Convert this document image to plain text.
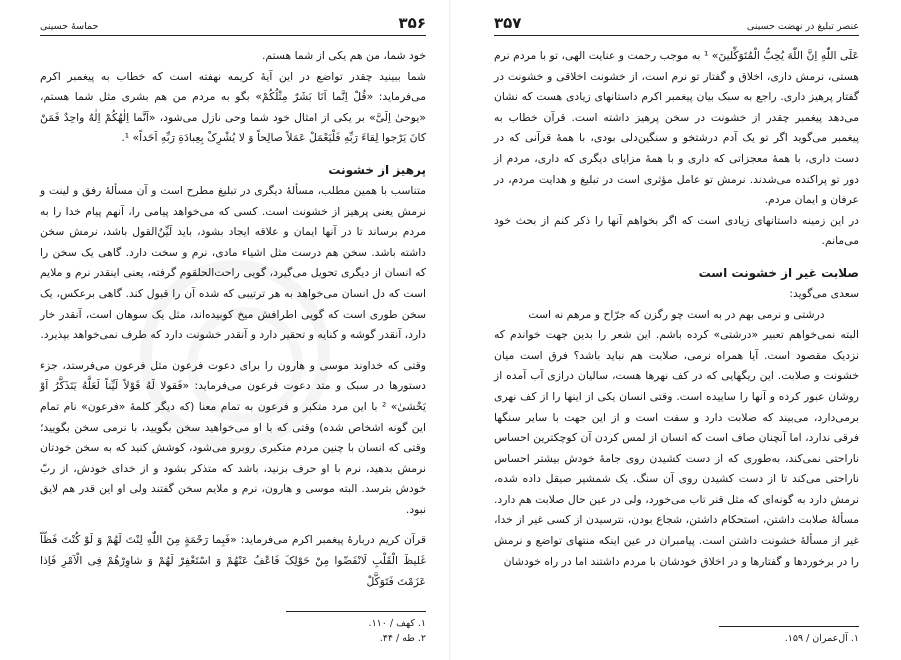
۳۵۶
حماسهٔ حسینی

خود شما، من هم یکی از شما هستم.

شما ببینید چقدر تواضع در این آیهٔ کریمه نهفته است که خطاب به پیغمبر اکرم می‌فرماید: «قُلْ اِنَّما اَنَا بَشَرٌ مِثْلُکُمْ» بگو به مردم من هم بشری مثل شما هستم، «یوحیٰ اِلَیَّ» بر یکی از امثال خود شما وحی نازل می‌شود، «اَنَّما اِلٰهُکُمْ اِلٰهٌ واحِدٌ فَمَنْ کانَ یَرْجوا لِقاءَ رَبِّهِ فَلْیَعْمَلْ عَمَلاً صالِحاً وَ لا یُشْرِکْ بِعِبادَةِ رَبِّهِ اَحَداً» ¹.

پرهیز از خشونت

متناسب با همین مطلب، مسألهٔ دیگری در تبلیغ مطرح است و آن مسألهٔ رفق و لینت و نرمش یعنی پرهیز از خشونت است. کسی که می‌خواهد پیامی را، آنهم پیام خدا را به مردم برساند تا در آنها ایمان و علاقه ایجاد بشود، باید لَیِّنُ‌القول باشد، نرمش سخن داشته باشد. سخن هم درست مثل اشیاء مادی، نرم و سخت دارد. گاهی یک سخن را که انسان از دیگری تحویل می‌گیرد، گویی راحت‌الحلقوم گرفته، یعنی اینقدر نرم و ملایم است که دل انسان می‌خواهد به هر ترتیبی که شده آن را قبول کند. گاهی برعکس، یک سخن طوری است که گویی اطرافش میخ کوبیده‌اند، مثل یک سوهان است، آنقدر خار دارد، آنقدر گوشه و کنایه و تحقیر دارد و آنقدر خشونت دارد که طرف نمی‌خواهد بپذیرد.

وقتی که خداوند موسی و هارون را برای دعوت فرعون مثل فرعون می‌فرستد، جزء دستورها در سبک و متد دعوت فرعون می‌فرماید: «فَقولا لَهُ قَوْلاً لَیِّناً لَعَلَّهُ یَتَذَکَّرُ اَوْ یَخْشیٰ» ² با این مرد متکبر و فرعون به تمام معنا (که دیگر کلمهٔ «فرعون» نام تمام این گونه اشخاص شده) وقتی که با او می‌خواهید سخن بگویید، با نرمی سخن بگویید؛ وقتی که انسان با چنین مردم متکبری روبرو می‌شود، کوشش کنید که به سخن خودتان نرمش بدهید، نرم با او حرف بزنید، باشد که متذکر بشود و از خدای خودش، از ربّ خودش بترسد. البته موسی و هارون، نرم و ملایم سخن گفتند ولی او این قدر هم لایق نبود.

قرآن کریم دربارهٔ پیغمبر اکرم می‌فرماید: «فَبِما رَحْمَةٍ مِنَ اللّٰهِ لِنْتَ لَهُمْ وَ لَوْ کُنْتَ فَظّاً غَلیظَ الْقَلْبِ لَانْفَضّوا مِنْ حَوْلِکَ فَاعْفُ عَنْهُمْ وَ اسْتَغْفِرْ لَهُمْ وَ شاوِرْهُمْ فِی الْاَمْرِ فَاِذا عَزَمْتَ فَتَوَکَّلْ

۱. کهف / ۱۱۰.
۲. طه / ۴۴.
عنصر تبلیغ در نهضت حسینی
۳۵۷

عَلَی اللّٰهِ اِنَّ اللّٰهَ یُحِبُّ الْمُتَوَکِّلینَ» ¹ به موجب رحمت و عنایت الهی، تو با مردم نرم هستی، نرمش داری، اخلاق و گفتار تو نرم است، از خشونت اخلاقی و خشونت در گفتار پرهیز داری. راجع به سبک بیان پیغمبر اکرم داستانهای زیادی هست که نشان می‌دهد پیغمبر چقدر از خشونت در سخن پرهیز داشته است. قرآن خطاب به پیغمبر می‌گوید اگر تو یک آدم درشتخو و سنگین‌دلی بودی، با همهٔ قرآنی که در دست داری، با همهٔ معجزاتی که داری و با همهٔ مزایای دیگری که داری، مردم از دور تو پراکنده می‌شدند. نرمش تو عامل مؤثری است در تبلیغ و هدایت مردم، در عرفان و ایمان مردم.

در این زمینه داستانهای زیادی است که اگر بخواهم آنها را ذکر کنم از بحث خود می‌مانم.

صلابت غیر از خشونت است

سعدی می‌گوید:

درشتی و نرمی بهم در به است چو رگزن که جرّاح و مرهم نه است

البته نمی‌خواهم تعبیر «درشتی» کرده باشم. این شعر را بدین جهت خواندم که نزدیک مقصود است. آیا همراه نرمی، صلابت هم نباید باشد؟ فرق است میان خشونت و صلابت. این ریگهایی که در کف نهرها هست، سالیان درازی آب آمده از روشان عبور کرده و آنها را ساییده است. وقتی انسان یکی از اینها را از کف نهری برمی‌دارد، می‌بیند که صلابت دارد و سفت است و از این جهت با سایر سنگها فرقی ندارد، اما آنچنان صاف است که انسان از لمس کردن آن کوچکترین احساس ناراحتی نمی‌کند، به‌طوری که از دست کشیدن روی جامهٔ خودش بیشتر احساس ناراحتی می‌کند تا از دست کشیدن روی آن سنگ. یک شمشیر صیقل داده شده، نرمش دارد به گونه‌ای که مثل قنر تاب می‌خورد، ولی در عین حال صلابت هم دارد. مسألهٔ صلابت داشتن، استحکام داشتن، شجاع بودن، نترسیدن از کسی غیر از خدا، غیر از مسألهٔ خشونت داشتن است. پیامبران در عین اینکه منتهای تواضع و نرمش را در برخوردها و گفتارها و در اخلاق خودشان با مردم داشتند اما در راه خودشان

۱. آل‌عمران / ۱۵۹.
